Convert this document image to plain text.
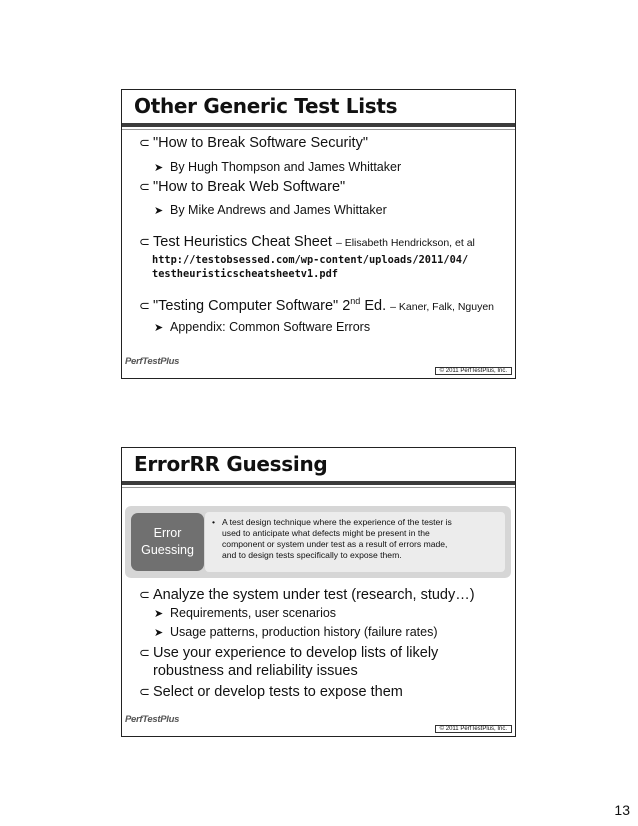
Other Generic Test Lists
⊂ "How to Break Software Security"
➤ By Hugh Thompson and James Whittaker
⊂ "How to Break Web Software"
➤ By Mike Andrews and James Whittaker
⊂ Test Heuristics Cheat Sheet – Elisabeth Hendrickson, et al
http://testobsessed.com/wp-content/uploads/2011/04/
testheuristicscheatsheetv1.pdf
⊂ "Testing Computer Software" 2nd Ed. – Kaner, Falk, Nguyen
➤ Appendix: Common Software Errors
PerfTestPlus
© 2011 PerfTestPlus, Inc.
ErrorRR Guessing
Error
Guessing
• A test design technique where the experience of the tester is
used to anticipate what defects might be present in the
component or system under test as a result of errors made,
and to design tests specifically to expose them.
⊂ Analyze the system under test (research, study…)
➤ Requirements, user scenarios
➤ Usage patterns, production history (failure rates)
⊂ Use your experience to develop lists of likely
robustness and reliability issues
⊂ Select or develop tests to expose them
PerfTestPlus
© 2011 PerfTestPlus, Inc.
13
